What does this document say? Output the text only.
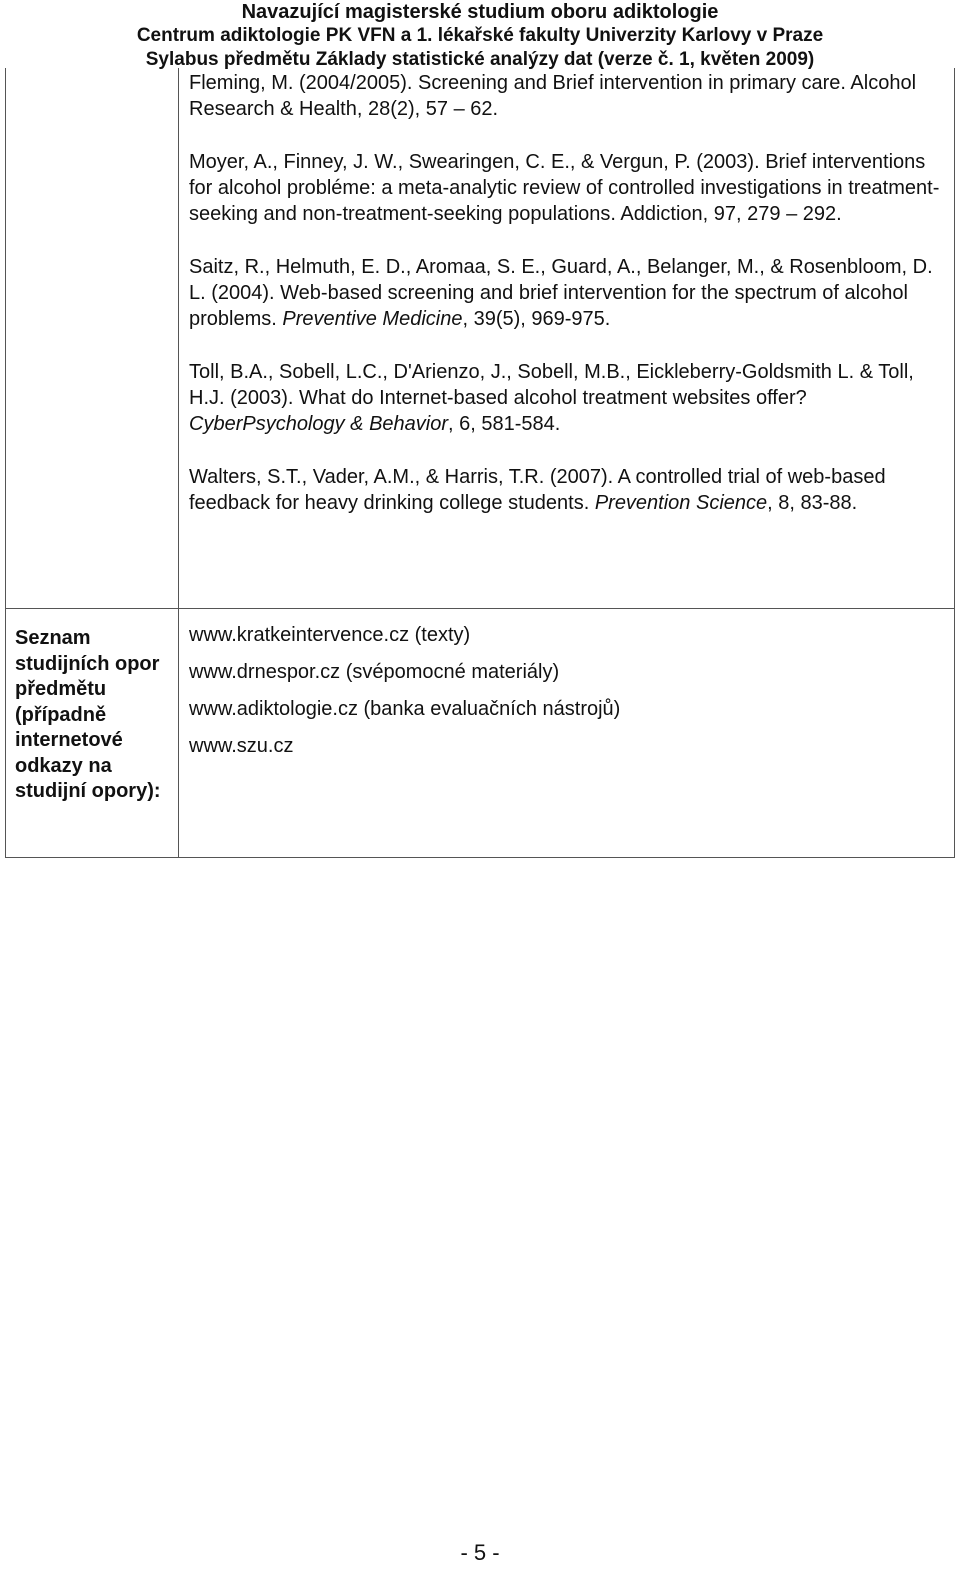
Navazující magisterské studium oboru adiktologie
Centrum adiktologie PK VFN a 1. lékařské fakulty Univerzity Karlovy v Praze
Sylabus předmětu Základy statistické analýzy dat (verze č. 1, květen 2009)

	Fleming, M. (2004/2005). Screening and Brief intervention in primary care. Alcohol Research & Health, 28(2), 57 – 62.

Moyer, A., Finney, J. W., Swearingen, C. E., & Vergun, P. (2003). Brief interventions for alcohol probléme: a meta-analytic review of controlled investigations in treatment-seeking and non-treatment-seeking populations. Addiction, 97, 279 – 292.

Saitz, R., Helmuth, E. D., Aromaa, S. E., Guard, A., Belanger, M., & Rosenbloom, D. L. (2004). Web-based screening and brief intervention for the spectrum of alcohol problems. Preventive Medicine, 39(5), 969-975.

Toll, B.A., Sobell, L.C., D'Arienzo, J., Sobell, M.B., Eickleberry-Goldsmith L. & Toll, H.J. (2003). What do Internet-based alcohol treatment websites offer? CyberPsychology & Behavior, 6, 581-584.

Walters, S.T., Vader, A.M., & Harris, T.R. (2007). A controlled trial of web-based feedback for heavy drinking college students. Prevention Science, 8, 83-88.

Seznam studijních opor předmětu (případně internetové odkazy na studijní opory):	www.kratkeintervence.cz (texty)
www.drnespor.cz (svépomocné materiály)
www.adiktologie.cz (banka evaluačních nástrojů)
www.szu.cz
- 5 -
